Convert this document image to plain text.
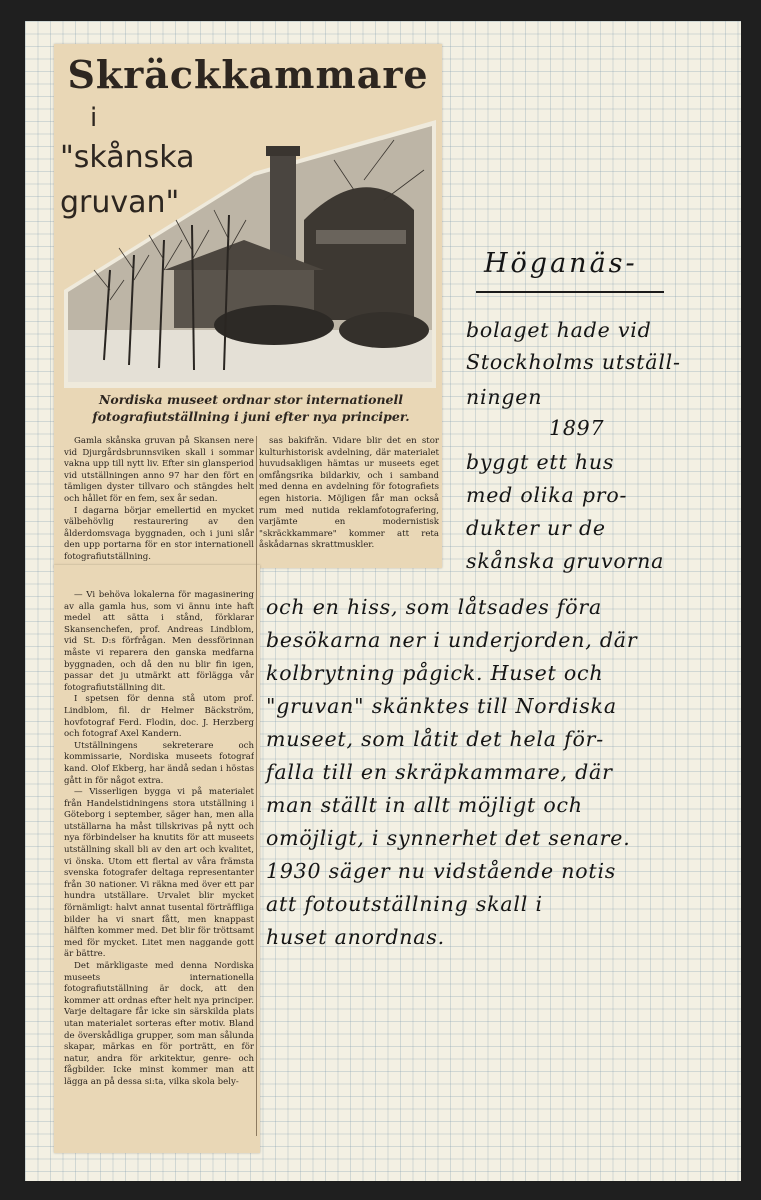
Skräckkammare
i
"skånska
gruvan"

Nordiska museet ordnar stor internationell fotografiutställning i juni efter nya principer.

Gamla skånska gruvan på Skansen nere vid Djurgårdsbrunnsviken skall i sommar vakna upp till nytt liv. Efter sin glansperiod vid utställningen anno 97 har den fört en tämligen dyster tillvaro och stängdes helt och hållet för en fem, sex år sedan.

I dagarna börjar emellertid en mycket välbehövlig restaurering av den ålderdomsvaga byggnaden, och i juni slår den upp portarna för en stor internationell fotografiutställning.

sas bakifrån. Vidare blir det en stor kulturhistorisk avdelning, där materialet huvudsakligen hämtas ur museets eget omfångsrika bildarkiv, och i samband med denna en avdelning för fotografiets egen historia. Möjligen får man också rum med nutida reklamfotografering, varjämte en modernistisk "skräckkammare" kommer att reta åskådarnas skrattmuskler.

— Vi behöva lokalerna för magasinering av alla gamla hus, som vi ännu inte haft medel att sätta i stånd, förklarar Skansenchefen, prof. Andreas Lindblom, vid St. D:s förfrågan. Men dessförinnan måste vi reparera den ganska medfarna byggnaden, och då den nu blir fin igen, passar det ju utmärkt att förlägga vår fotografiutställning dit.

I spetsen för denna stå utom prof. Lindblom, fil. dr Helmer Bäckström, hovfotograf Ferd. Flodin, doc. J. Herzberg och fotograf Axel Kandern.

Utställningens sekreterare och kommissarie, Nordiska museets fotograf kand. Olof Ekberg, har ändå sedan i höstas gått in för något extra.

— Visserligen bygga vi på materialet från Handelstidningens stora utställning i Göteborg i september, säger han, men alla utställarna ha måst tillskrivas på nytt och nya förbindelser ha knutits för att museets utställning skall bli av den art och kvalitet, vi önska. Utom ett flertal av våra främsta svenska fotografer deltaga representanter från 30 nationer. Vi räkna med över ett par hundra utställare. Urvalet blir mycket förnämligt: halvt annat tusental förträffliga bilder ha vi snart fått, men knappast hälften kommer med. Det blir för tröttsamt med för mycket. Litet men naggande gott är bättre.

Det märkligaste med denna Nordiska museets internationella fotografiutställning är dock, att den kommer att ordnas efter helt nya principer. Varje deltagare får icke sin särskilda plats utan materialet sorteras efter motiv. Bland de överskådliga grupper, som man sålunda skapar, märkas en för porträtt, en för natur, andra för arkitektur, genre- och fågbilder. Icke minst kommer man att lägga an på dessa si:ta, vilka skola bely-

Höganäs-
bolaget hade vid
Stockholms utställ-
ningen
1897
byggt ett hus
med olika pro-
dukter ur de
skånska gruvorna
och en hiss, som låtsades föra
besökarna ner i underjorden, där
kolbrytning pågick. Huset och
"gruvan" skänktes till Nordiska
museet, som låtit det hela för-
falla till en skräpkammare, där
man ställt in allt möjligt och
omöjligt, i synnerhet det senare.
1930 säger nu vidstående notis
att fotoutställning skall i
huset anordnas.
